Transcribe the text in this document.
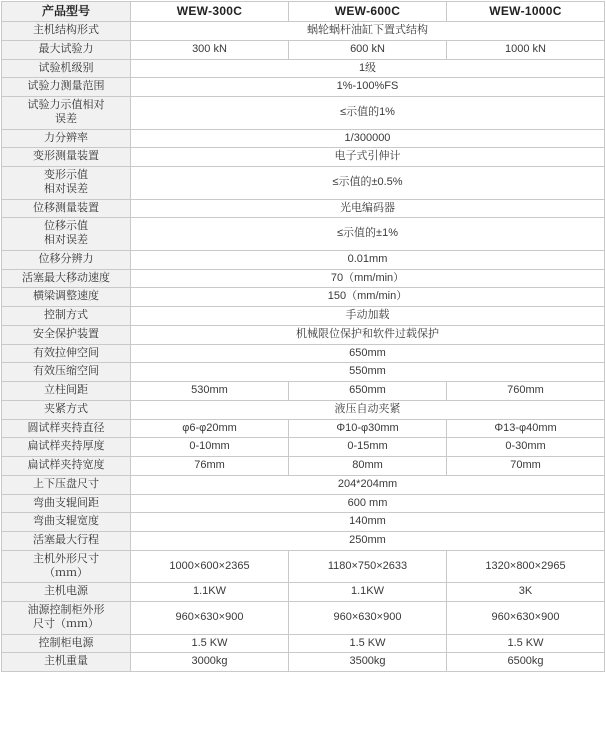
产品型号	WEW-300C	WEW-600C	WEW-1000C

主机结构形式	蜗轮蜗杆油缸下置式结构		

最大试验力	300 kN	600 kN	1000 kN

试验机级别	1级		

试验力测量范围	1%-100%FS		

试验力示值相对
误差	≤示值的1%		

力分辨率	1/300000		

变形测量装置	电子式引伸计		

变形示值
相对误差	≤示值的±0.5%		

位移测量装置	光电编码器		

位移示值
相对误差	≤示值的±1%		

位移分辨力	0.01mm		

活塞最大移动速度	70（mm/min）		

横梁调整速度	150（mm/min）		

控制方式	手动加载		

安全保护装置	机械限位保护和软件过载保护		

有效拉伸空间	650mm		

有效压缩空间	550mm		

立柱间距	530mm	650mm	760mm

夹紧方式	液压自动夹紧		

圆试样夹持直径	φ6-φ20mm	Φ10-φ30mm	Φ13-φ40mm

扁试样夹持厚度	0-10mm	0-15mm	0-30mm

扁试样夹持宽度	76mm	80mm	70mm

上下压盘尺寸	204*204mm		

弯曲支辊间距	600 mm		

弯曲支辊宽度	140mm		

活塞最大行程	250mm		

主机外形尺寸
（ｍｍ）	1000×600×2365	1180×750×2633	1320×800×2965

主机电源	1.1KW	1.1KW	3K

油源控制柜外形
尺寸（ｍｍ）	960×630×900	960×630×900	960×630×900

控制柜电源	1.5 KW	1.5 KW	1.5 KW

主机重量	3000kg	3500kg	6500kg
